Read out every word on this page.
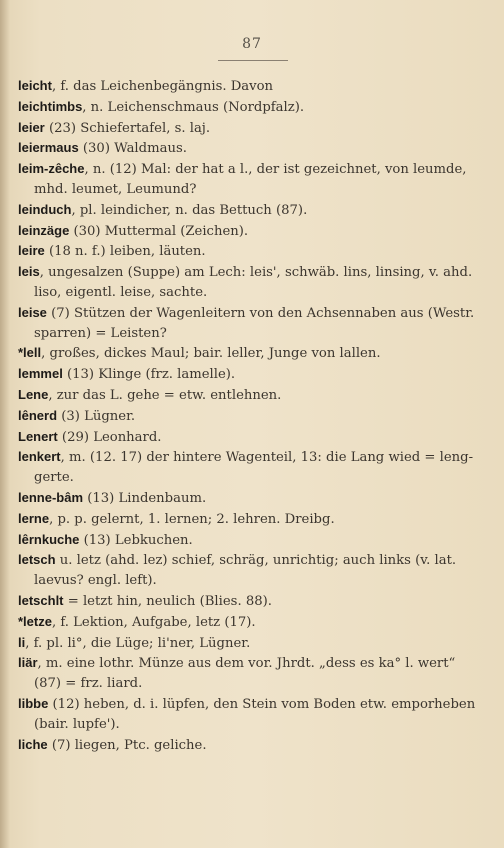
87
leicht, f. das Leichenbegängnis. Davon
leichtimbs, n. Leichenschmaus (Nordpfalz).
leier (23) Schiefertafel, s. laj.
leiermaus (30) Waldmaus.
leim-zêche, n. (12) Mal: der hat a l., der ist gezeichnet, von leumde, mhd. leumet, Leumund?
leinduch, pl. leindicher, n. das Bettuch (87).
leinzäge (30) Muttermal (Zeichen).
leire (18 n. f.) leiben, läuten.
leis, ungesalzen (Suppe) am Lech: leis', schwäb. lins, linsing, v. ahd. liso, eigentl. leise, sachte.
leise (7) Stützen der Wagenleitern von den Achsennaben aus (Westr. sparren) = Leisten?
*lell, großes, dickes Maul; bair. leller, Junge von lallen.
lemmel (13) Klinge (frz. lamelle).
Lene, zur das L. gehe = etw. entlehnen.
lênerd (3) Lügner.
Lenert (29) Leonhard.
lenkert, m. (12. 17) der hintere Wagenteil, 13: die Lang wied = leng-gerte.
lenne-bâm (13) Lindenbaum.
lerne, p. p. gelernt, 1. lernen; 2. lehren. Dreibg.
lêrnkuche (13) Lebkuchen.
letsch u. letz (ahd. lez) schief, schräg, unrichtig; auch links (v. lat. laevus? engl. left).
letschlt = letzt hin, neulich (Blies. 88).
*letze, f. Lektion, Aufgabe, letz (17).
li, f. pl. li°, die Lüge; li'ner, Lügner.
liär, m. eine lothr. Münze aus dem vor. Jhrdt. „dess es ka° l. wert“ (87) = frz. liard.
libbe (12) heben, d. i. lüpfen, den Stein vom Boden etw. emporheben (bair. lupfe').
liche (7) liegen, Ptc. geliche.
